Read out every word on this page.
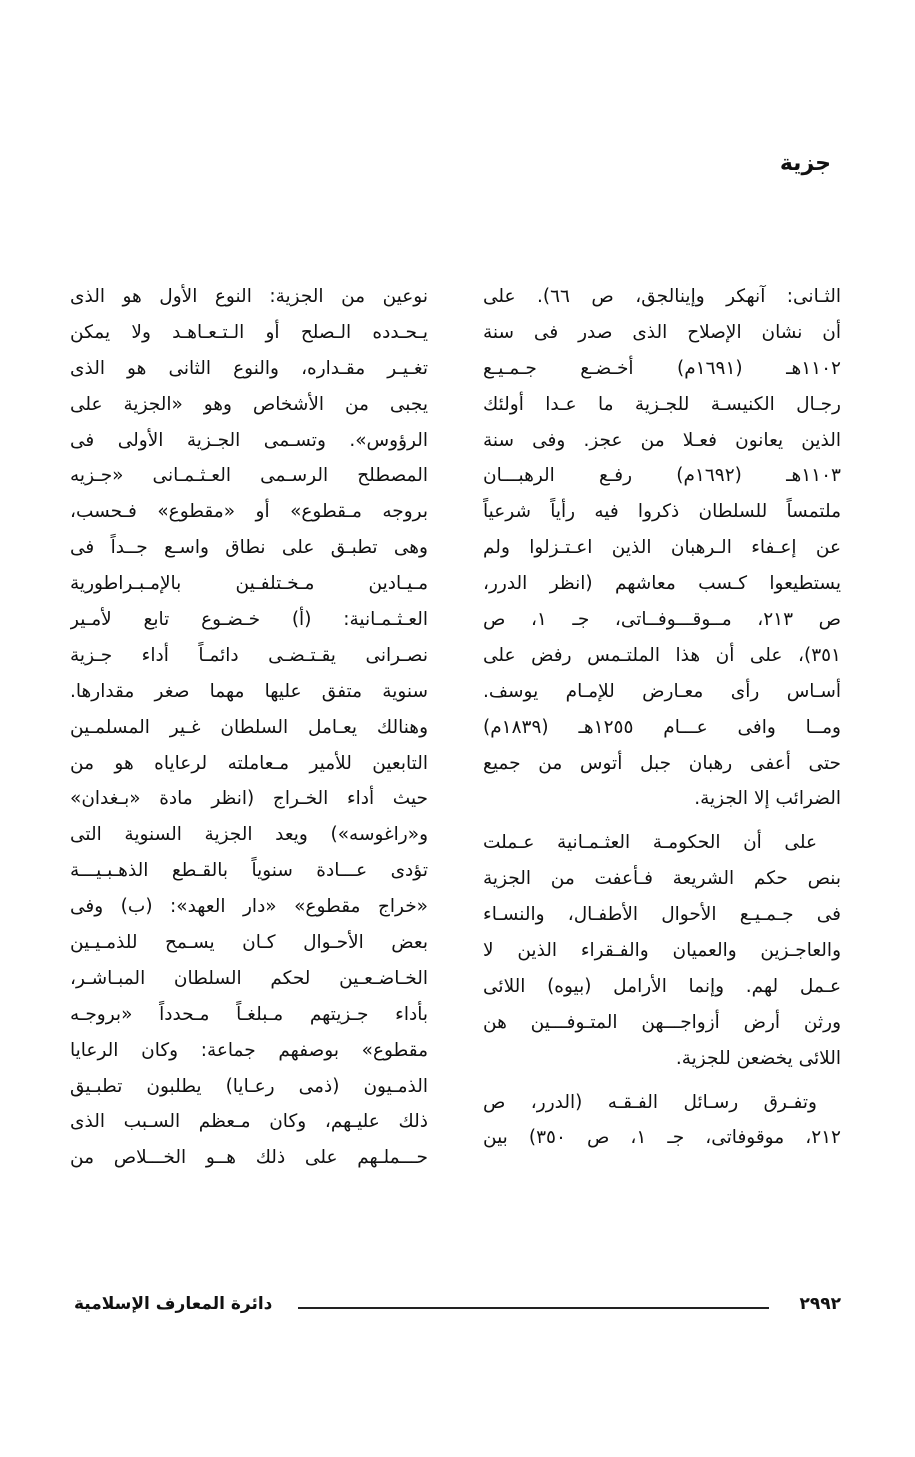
جزية
الثـانى: آنهكر وإينالجق، ص ٦٦). على
أن نشان الإصلاح الذى صدر فى سنة
١١٠٢هـ (١٦٩١م) أخـضـع جـمـيـع
رجـال الكنيسـة للجـزية ما عـدا أولئك
الذين يعانون فعـلا من عجز. وفى سنة
١١٠٣هـ (١٦٩٢م) رفـع الرهبـــان
ملتمساً للسلطان ذكروا فيه رأياً شرعياً
عن إعـفاء الـرهبان الذين اعـتـزلوا ولم
يستطيعوا كـسب معاشهم (انظر الدرر،
ص ٢١٣، مــوقـــوفــاتى، جـ ١، ص
٣٥١)، على أن هذا الملتـمس رفض على
أسـاس رأى معـارض للإمـام يوسف.
ومــا وافى عـــام ١٢٥٥هـ (١٨٣٩م)
حتى أعفى رهبان جبل أتوس من جميع
الضرائب إلا الجزية.
على أن الحكومـة العثـمـانية عـملت
بنص حكم الشريعة فـأعفت من الجزية
فى جـمـيـع الأحوال الأطفـال، والنسـاء
والعاجـزين والعميان والفـقراء الذين لا
عـمل لهم. وإنما الأرامل (بيوه) اللائى
ورثن أرض أزواجـــهن المتـوفـــين هن
اللائى يخضعن للجزية.
وتفـرق رسـائل الفـقـه (الدرر، ص
٢١٢، موقوفاتى، جـ ١، ص ٣٥٠) بين
نوعين من الجزية: النوع الأول هو الذى
يـحـدده الـصلح أو الـتـعـاهـد ولا يمكن
تغـيـر مقـداره، والنوع الثانى هو الذى
يجبى من الأشخاص وهو «الجزية على
الرؤوس». وتسـمى الجـزية الأولى فى
المصطلح الرسـمى العـثـمـانى «جـزيه
بروجه مـقطوع» أو «مقطوع» فـحسب،
وهى تطبـق على نطاق واسـع جــداً فى
مـيـادين مـخـتلفـين بالإمـبـراطورية
العـثـمـانية: (أ) خـضـوع تابع لأمـير
نصـرانى يقـتـضـى دائمـاً أداء جـزية
سنوية متفق عليها مهما صغر مقدارها.
وهنالك يعـامل السلطان غـير المسلمـين
التابعين للأمير مـعاملته لرعاياه هو من
حيث أداء الخـراج (انظر مادة «بـغدان»
و«راغوسه») ويعد الجزية السنوية التى
تؤدى عـــادة سنوياً بالقـطع الذهـبـيـــة
«خراج مقطوع» «دار العهد»: (ب) وفى
بعض الأحـوال كـان يسـمح للذمـيـين
الخـاضـعـين لحكم السلطان المبـاشـر،
بأداء جـزيتهم مـبلغـاً مـحدداً «بروجـه
مقطوع» بوصفهم جماعة: وكان الرعايا
الذمـيون (ذمى رعـايا) يطلبون تطبـيق
ذلك عليـهم، وكان مـعظم السـبب الذى
حـــملـهم على ذلك هــو الخـــلاص من
٢٩٩٢
دائرة المعارف الإسلامية
